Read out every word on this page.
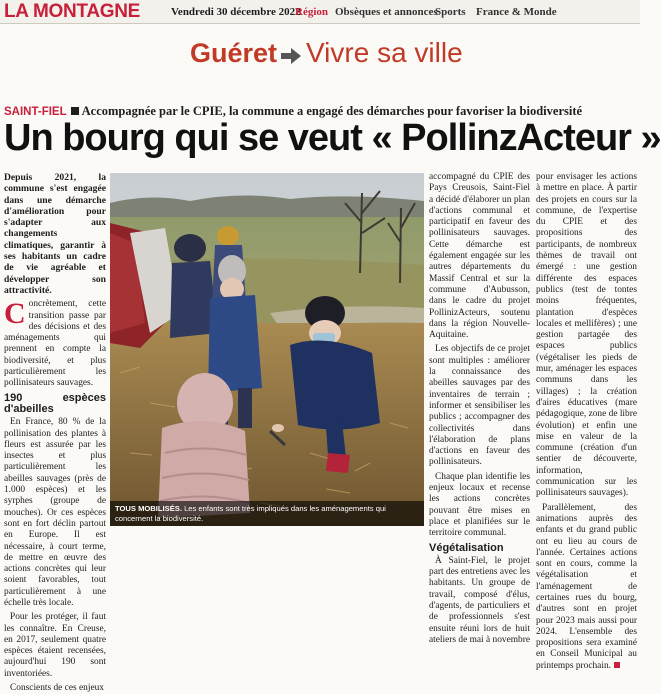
LA MONTAGNE	Vendredi 30 décembre 2022
Région Obsèques et annonces
Sports France & Monde
Guéret Vivre sa ville
SAINT-FIEL Accompagnée par le CPIE, la commune a engagé des démarches pour favoriser la biodiversité
Un bourg qui se veut « PollinzActeur »

Depuis 2021, la commune s'est engagée dans une démarche d'amélioration pour s'adapter aux changements climatiques, garantir à ses habitants un cadre de vie agréable et développer son attractivité.

Concrètement, cette transition passe par des décisions et des aménagements qui prennent en compte la biodiversité, et plus particulièrement les pollinisateurs sauvages.

190 espèces d'abeilles

En France, 80 % de la pollinisation des plantes à fleurs est assurée par les insectes et plus particulièrement les abeilles sauvages (près de 1.000 espèces) et les syrphes (groupe de mouches). Or ces espèces sont en fort déclin partout en Europe. Il est nécessaire, à court terme, de mettre en œuvre des actions concrètes qui leur soient favorables, tout particulièrement à une échelle très locale.

Pour les protéger, il faut les connaître. En Creuse, en 2017, seulement quatre espèces étaient recensées, aujourd'hui 190 sont inventoriées.

Conscients de ces enjeux

TOUS MOBILISÉS. Les enfants sont très impliqués dans les aménagements qui concernent la biodiversité.

accompagné du CPIE des Pays Creusois, Saint-Fiel a décidé d'élaborer un plan d'actions communal et participatif en faveur des pollinisateurs sauvages. Cette démarche est également engagée sur les autres départements du Massif Central et sur la commune d'Aubusson, dans le cadre du projet PollinizActeurs, soutenu dans la région Nouvelle-Aquitaine.

Les objectifs de ce projet sont multiples : améliorer la connaissance des abeilles sauvages par des inventaires de terrain ; informer et sensibiliser les publics ; accompagner des collectivités dans l'élaboration de plans d'actions en faveur des pollinisateurs.

Chaque plan identifie les enjeux locaux et recense les actions concrètes pouvant être mises en place et planifiées sur le territoire communal.

Végétalisation

À Saint-Fiel, le projet part des entretiens avec les habitants. Un groupe de travail, composé d'élus, d'agents, de particuliers et de professionnels s'est ensuite réuni lors de huit ateliers de mai à novembre

pour envisager les actions à mettre en place. À partir des projets en cours sur la commune, de l'expertise du CPIE et des propositions des participants, de nombreux thèmes de travail ont émergé : une gestion différente des espaces publics (test de tontes moins fréquentes, plantation d'espèces locales et mellifères) ; une gestion partagée des espaces publics (végétaliser les pieds de mur, aménager les espaces communs dans les villages) ; la création d'aires éducatives (mare pédagogique, zone de libre évolution) et enfin une mise en valeur de la commune (création d'un sentier de découverte, information, communication sur les pollinisateurs sauvages).

Parallèlement, des animations auprès des enfants et du grand public ont eu lieu au cours de l'année. Certaines actions sont en cours, comme la végétalisation et l'aménagement de certaines rues du bourg, d'autres sont en projet pour 2023 mais aussi pour 2024. L'ensemble des propositions sera examiné en Conseil Municipal au printemps prochain.
